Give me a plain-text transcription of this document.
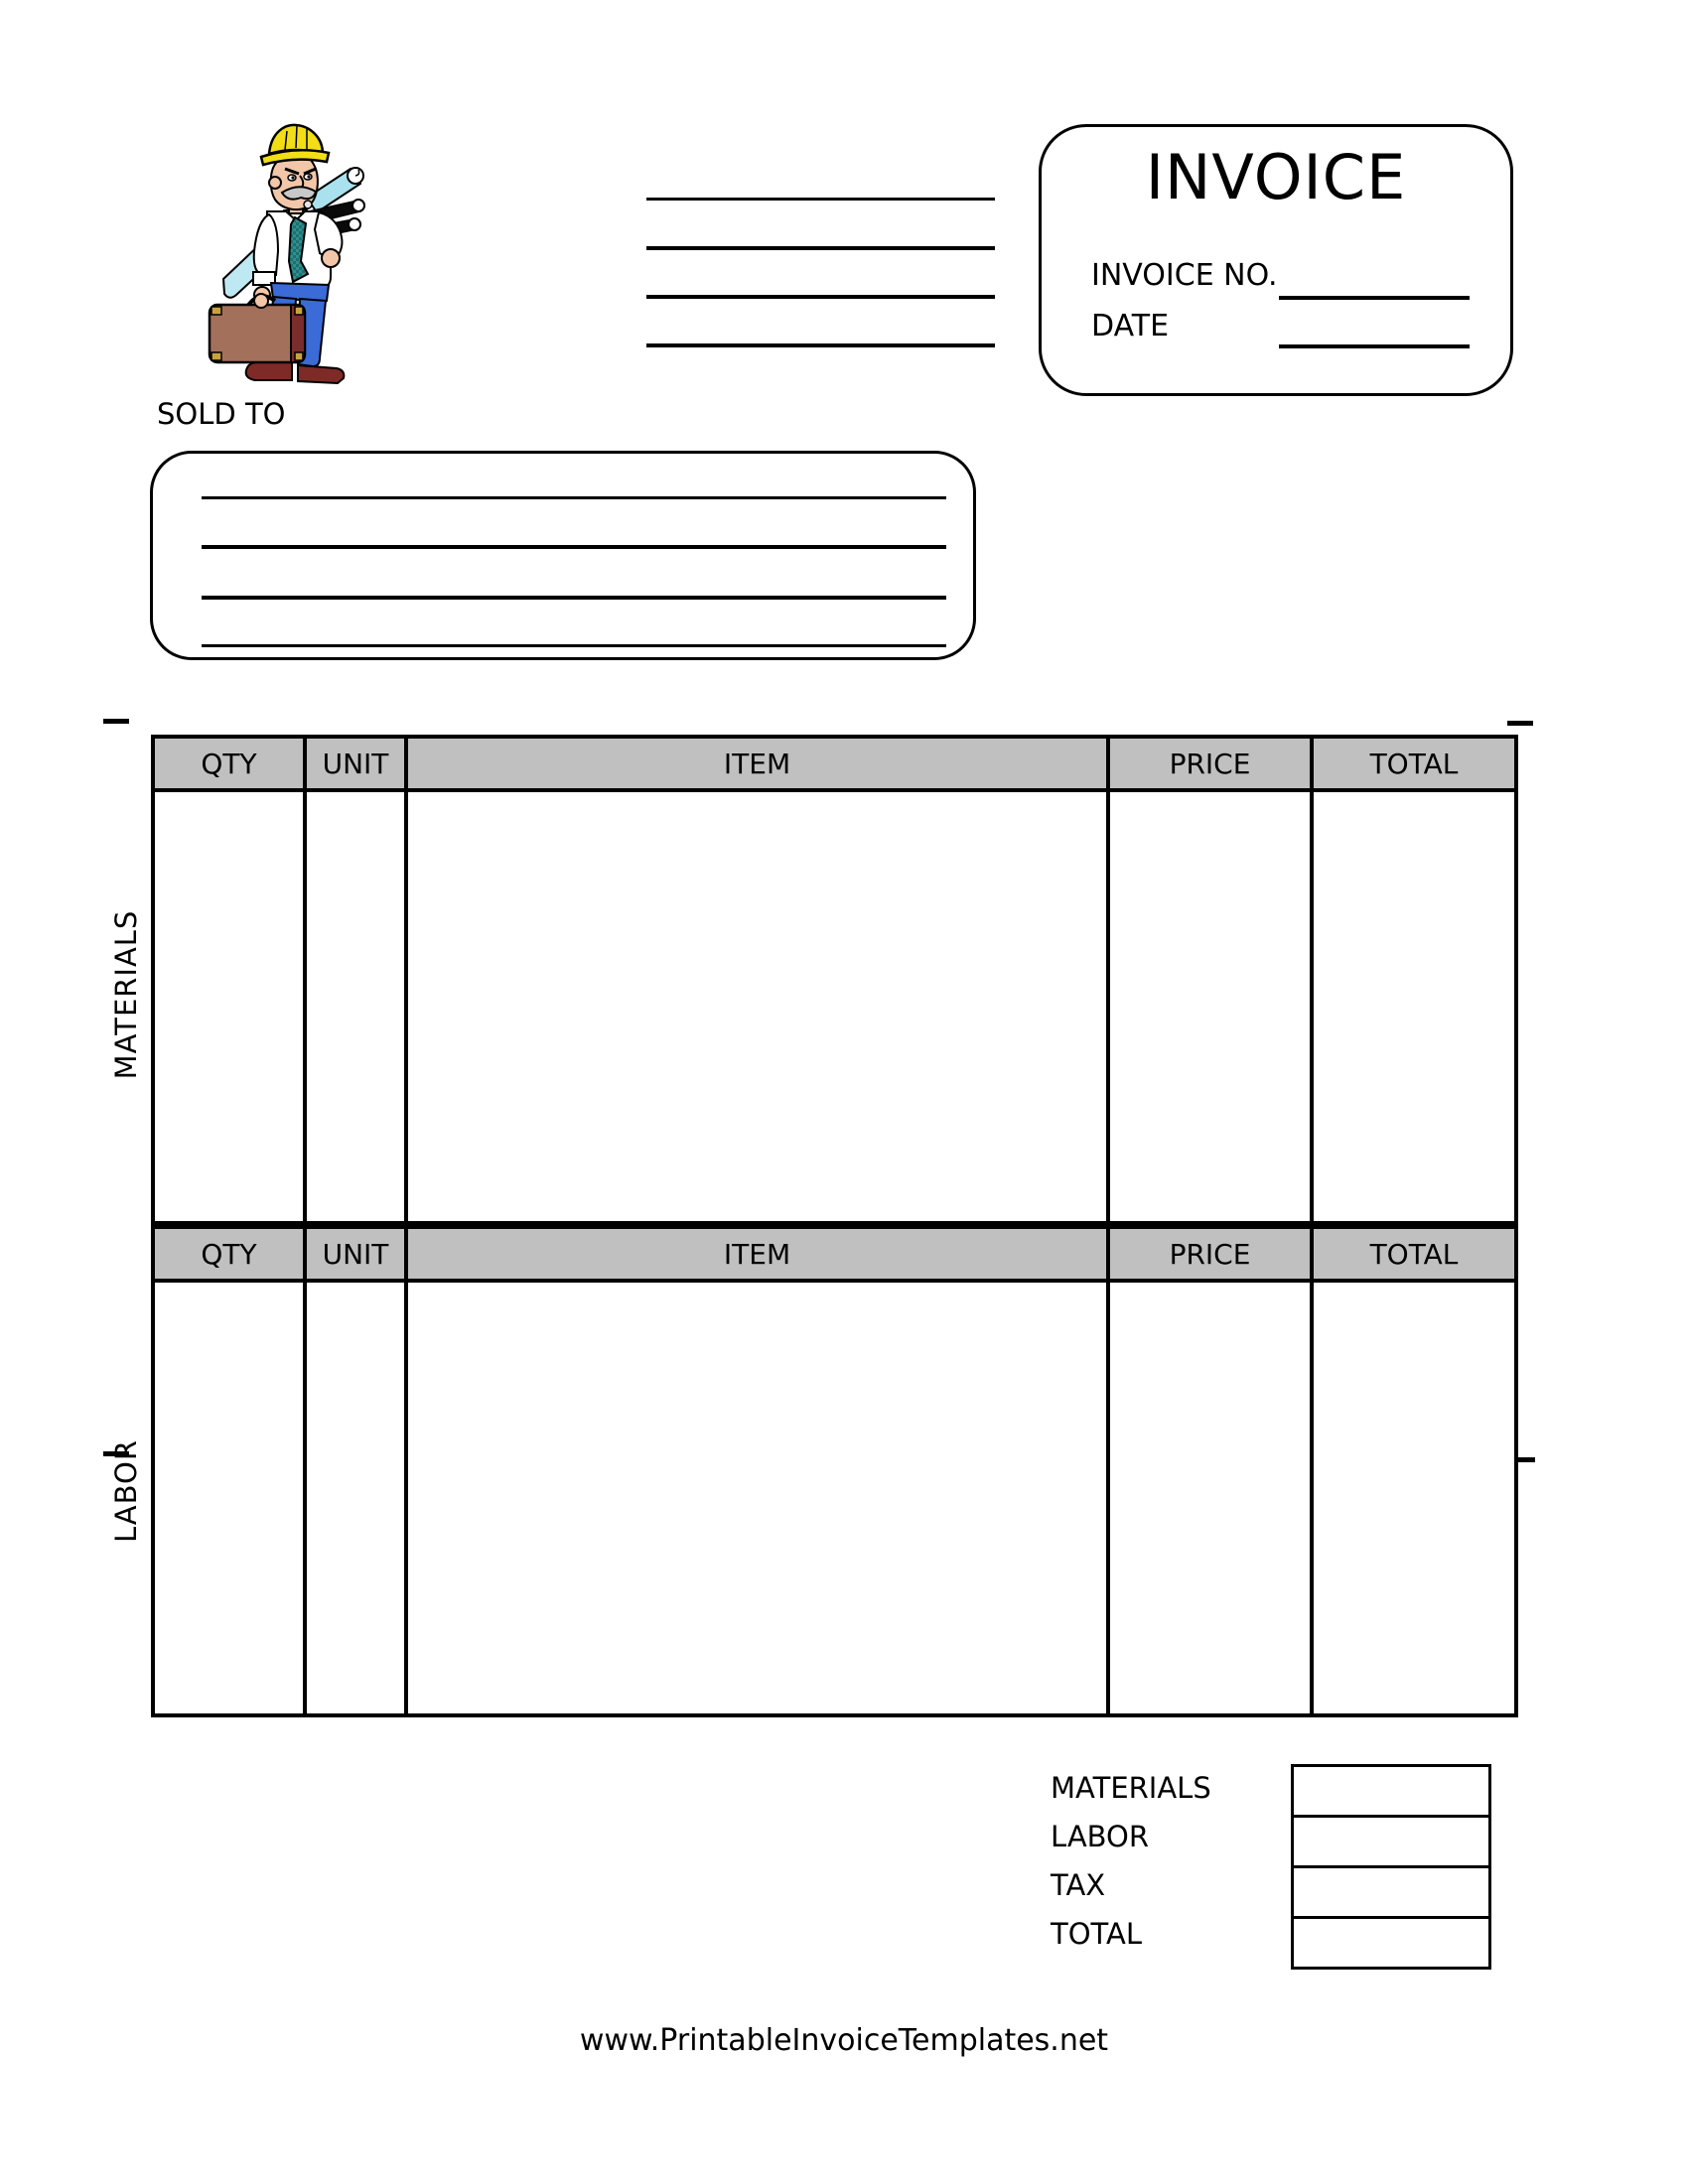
INVOICE
INVOICE NO.
DATE
SOLD TO
MATERIALS
LABOR
QTY	UNIT	ITEM	PRICE	TOTAL

QTY	UNIT	ITEM	PRICE	TOTAL

MATERIALS
LABOR
TAX
TOTAL

www.PrintableInvoiceTemplates.net
